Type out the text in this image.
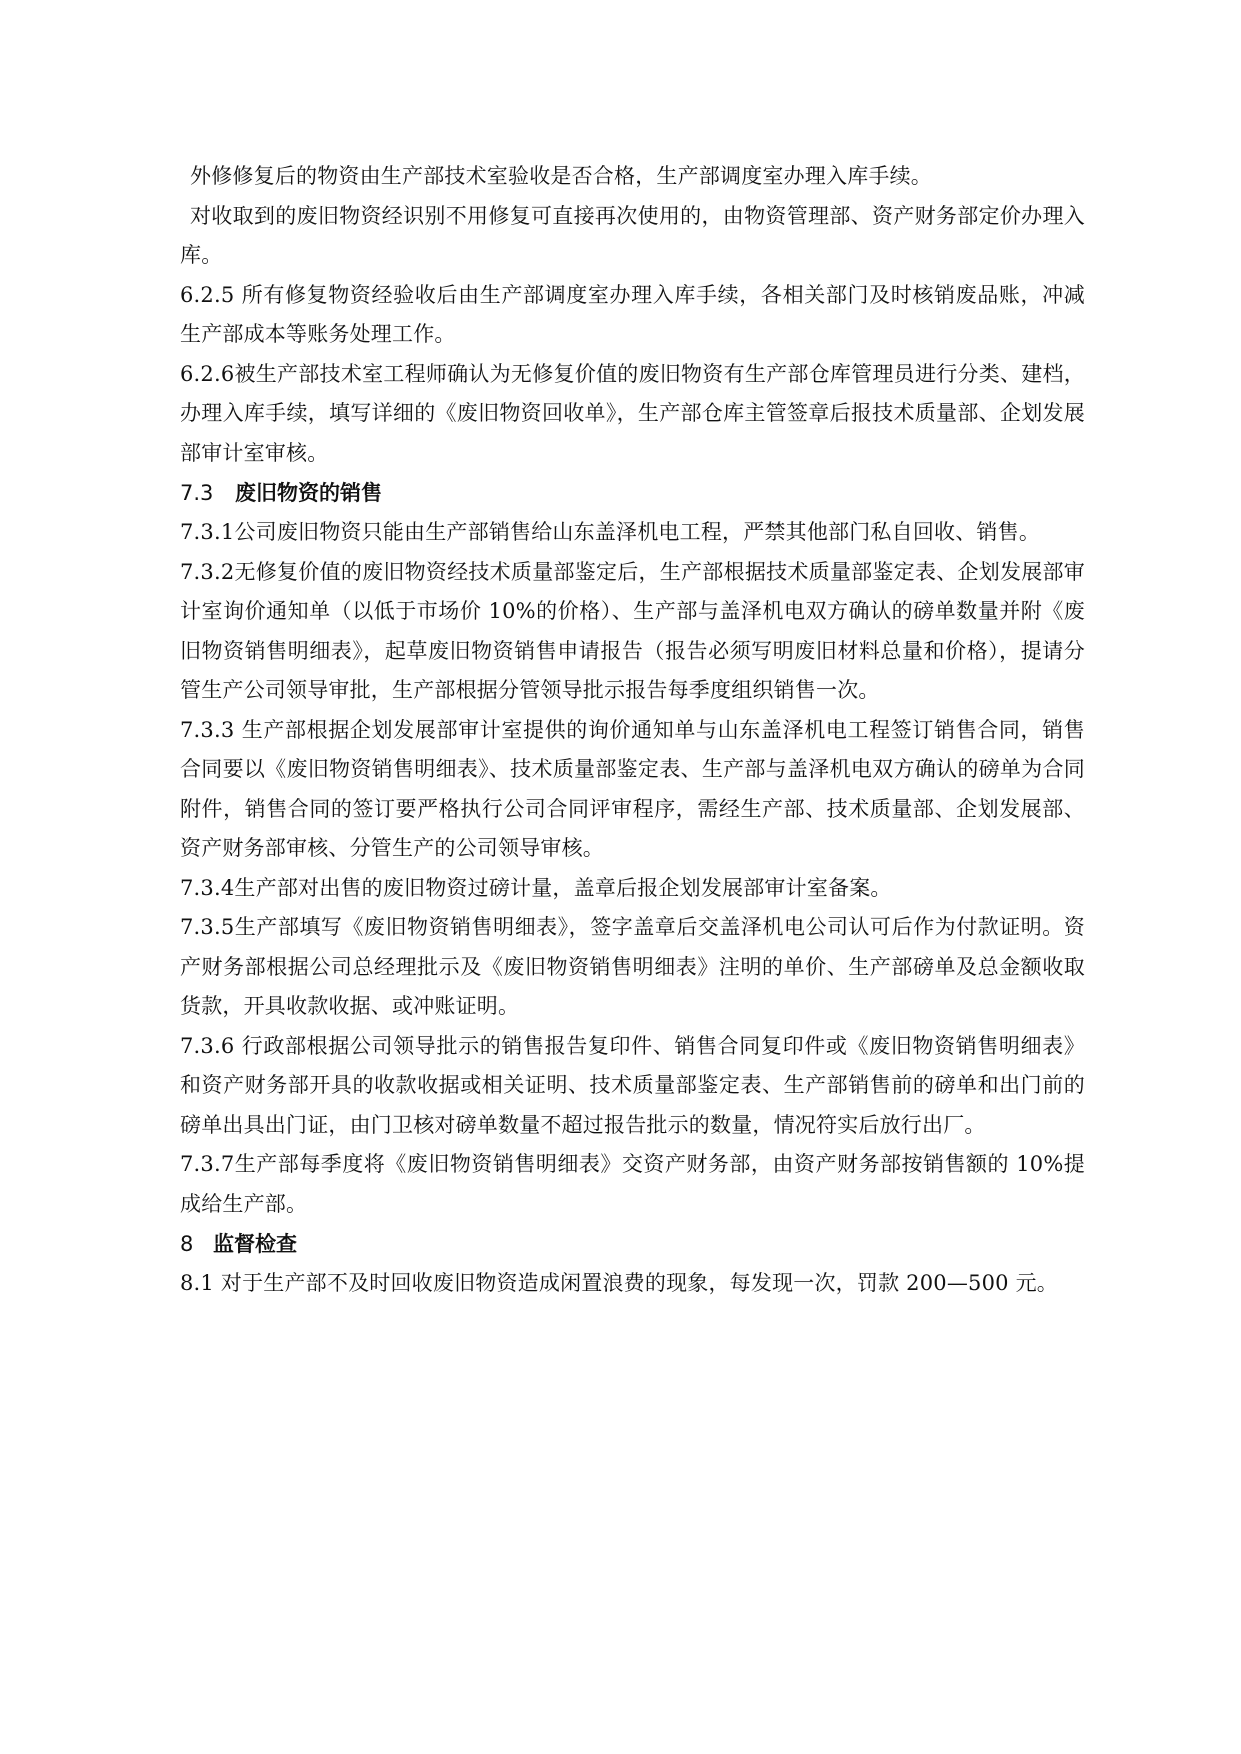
外修修复后的物资由生产部技术室验收是否合格，生产部调度室办理入库手续。

对收取到的废旧物资经识别不用修复可直接再次使用的，由物资管理部、资产财务部定价办理入库。

6.2.5 所有修复物资经验收后由生产部调度室办理入库手续，各相关部门及时核销废品账，冲减生产部成本等账务处理工作。

6.2.6被生产部技术室工程师确认为无修复价值的废旧物资有生产部仓库管理员进行分类、建档，办理入库手续，填写详细的《废旧物资回收单》，生产部仓库主管签章后报技术质量部、企划发展部审计室审核。

7.3 废旧物资的销售

7.3.1公司废旧物资只能由生产部销售给山东盖泽机电工程，严禁其他部门私自回收、销售。

7.3.2无修复价值的废旧物资经技术质量部鉴定后，生产部根据技术质量部鉴定表、企划发展部审计室询价通知单（以低于市场价 10%的价格）、生产部与盖泽机电双方确认的磅单数量并附《废旧物资销售明细表》，起草废旧物资销售申请报告（报告必须写明废旧材料总量和价格），提请分管生产公司领导审批，生产部根据分管领导批示报告每季度组织销售一次。

7.3.3 生产部根据企划发展部审计室提供的询价通知单与山东盖泽机电工程签订销售合同，销售合同要以《废旧物资销售明细表》、技术质量部鉴定表、生产部与盖泽机电双方确认的磅单为合同附件，销售合同的签订要严格执行公司合同评审程序，需经生产部、技术质量部、企划发展部、资产财务部审核、分管生产的公司领导审核。

7.3.4生产部对出售的废旧物资过磅计量，盖章后报企划发展部审计室备案。

7.3.5生产部填写《废旧物资销售明细表》，签字盖章后交盖泽机电公司认可后作为付款证明。资产财务部根据公司总经理批示及《废旧物资销售明细表》注明的单价、生产部磅单及总金额收取货款，开具收款收据、或冲账证明。

7.3.6 行政部根据公司领导批示的销售报告复印件、销售合同复印件或《废旧物资销售明细表》和资产财务部开具的收款收据或相关证明、技术质量部鉴定表、生产部销售前的磅单和出门前的磅单出具出门证，由门卫核对磅单数量不超过报告批示的数量，情况符实后放行出厂。

7.3.7生产部每季度将《废旧物资销售明细表》交资产财务部，由资产财务部按销售额的 10%提成给生产部。

8 监督检查

8.1 对于生产部不及时回收废旧物资造成闲置浪费的现象，每发现一次，罚款 200—500 元。
